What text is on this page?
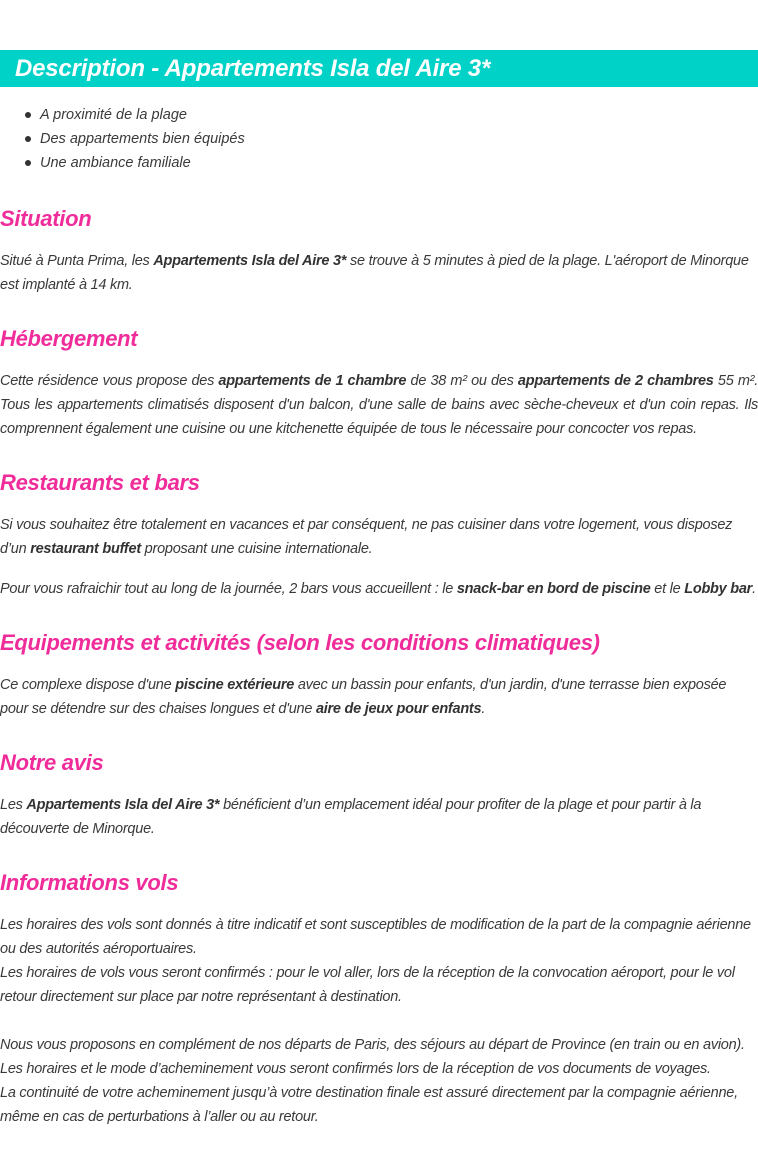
Description - Appartements Isla del Aire 3*
A proximité de la plage
Des appartements bien équipés
Une ambiance familiale
Situation

Situé à Punta Prima, les Appartements Isla del Aire 3* se trouve à 5 minutes à pied de la plage. L'aéroport de Minorque est implanté à 14 km.

Hébergement

Cette résidence vous propose des appartements de 1 chambre de 38 m² ou des appartements de 2 chambres 55 m². Tous les appartements climatisés disposent d'un balcon, d'une salle de bains avec sèche-cheveux et d'un coin repas. Ils comprennent également une cuisine ou une kitchenette équipée de tous le nécessaire pour concocter vos repas.

Restaurants et bars

Si vous souhaitez être totalement en vacances et par conséquent, ne pas cuisiner dans votre logement, vous disposez d’un restaurant buffet proposant une cuisine internationale.

Pour vous rafraichir tout au long de la journée, 2 bars vous accueillent : le snack-bar en bord de piscine et le Lobby bar.

Equipements et activités (selon les conditions climatiques)

Ce complexe dispose d'une piscine extérieure avec un bassin pour enfants, d'un jardin, d'une terrasse bien exposée pour se détendre sur des chaises longues et d'une aire de jeux pour enfants.

Notre avis

Les Appartements Isla del Aire 3* bénéficient d’un emplacement idéal pour profiter de la plage et pour partir à la découverte de Minorque.

Informations vols

Les horaires des vols sont donnés à titre indicatif et sont susceptibles de modification de la part de la compagnie aérienne ou des autorités aéroportuaires.

Les horaires de vols vous seront confirmés : pour le vol aller, lors de la réception de la convocation aéroport, pour le vol retour directement sur place par notre représentant à destination.

Nous vous proposons en complément de nos départs de Paris, des séjours au départ de Province (en train ou en avion).

Les horaires et le mode d’acheminement vous seront confirmés lors de la réception de vos documents de voyages.

La continuité de votre acheminement jusqu’à votre destination finale est assuré directement par la compagnie aérienne, même en cas de perturbations à l’aller ou au retour.
